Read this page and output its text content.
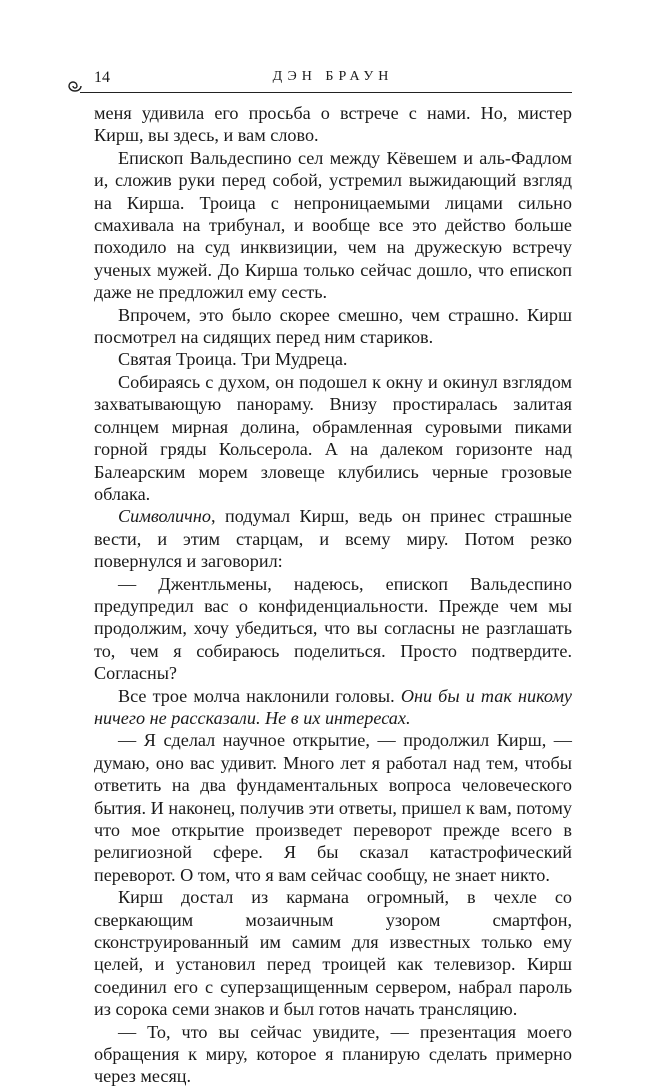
14	ДЭН БРАУН

меня удивила его просьба о встрече с нами. Но, мистер Кирш, вы здесь, и вам слово.

Епископ Вальдеспино сел между Кёвешем и аль-Фадлом и, сложив руки перед собой, устремил выжидающий взгляд на Кирша. Троица с непроницаемыми лицами сильно смахивала на трибунал, и вообще все это действо больше походило на суд инквизиции, чем на дружескую встречу ученых мужей. До Кирша только сейчас дошло, что епископ даже не предложил ему сесть.

Впрочем, это было скорее смешно, чем страшно. Кирш посмотрел на сидящих перед ним стариков.

Святая Троица. Три Мудреца.

Собираясь с духом, он подошел к окну и окинул взглядом захватывающую панораму. Внизу простиралась залитая солнцем мирная долина, обрамленная суровыми пиками горной гряды Кольсерола. А на далеком горизонте над Балеарским морем зловеще клубились черные грозовые облака.

Символично, подумал Кирш, ведь он принес страшные вести, и этим старцам, и всему миру. Потом резко повернулся и заговорил:

— Джентльмены, надеюсь, епископ Вальдеспино предупредил вас о конфиденциальности. Прежде чем мы продолжим, хочу убедиться, что вы согласны не разглашать то, чем я собираюсь поделиться. Просто подтвердите. Согласны?

Все трое молча наклонили головы. Они бы и так никому ничего не рассказали. Не в их интересах.

— Я сделал научное открытие, — продолжил Кирш, — думаю, оно вас удивит. Много лет я работал над тем, чтобы ответить на два фундаментальных вопроса человеческого бытия. И наконец, получив эти ответы, пришел к вам, потому что мое открытие произведет переворот прежде всего в религиозной сфере. Я бы сказал катастрофический переворот. О том, что я вам сейчас сообщу, не знает никто.

Кирш достал из кармана огромный, в чехле со сверкающим мозаичным узором смартфон, сконструированный им самим для известных только ему целей, и установил перед троицей как телевизор. Кирш соединил его с суперзащищенным сервером, набрал пароль из сорока семи знаков и был готов начать трансляцию.

— То, что вы сейчас увидите, — презентация моего обращения к миру, которое я планирую сделать примерно через месяц.
